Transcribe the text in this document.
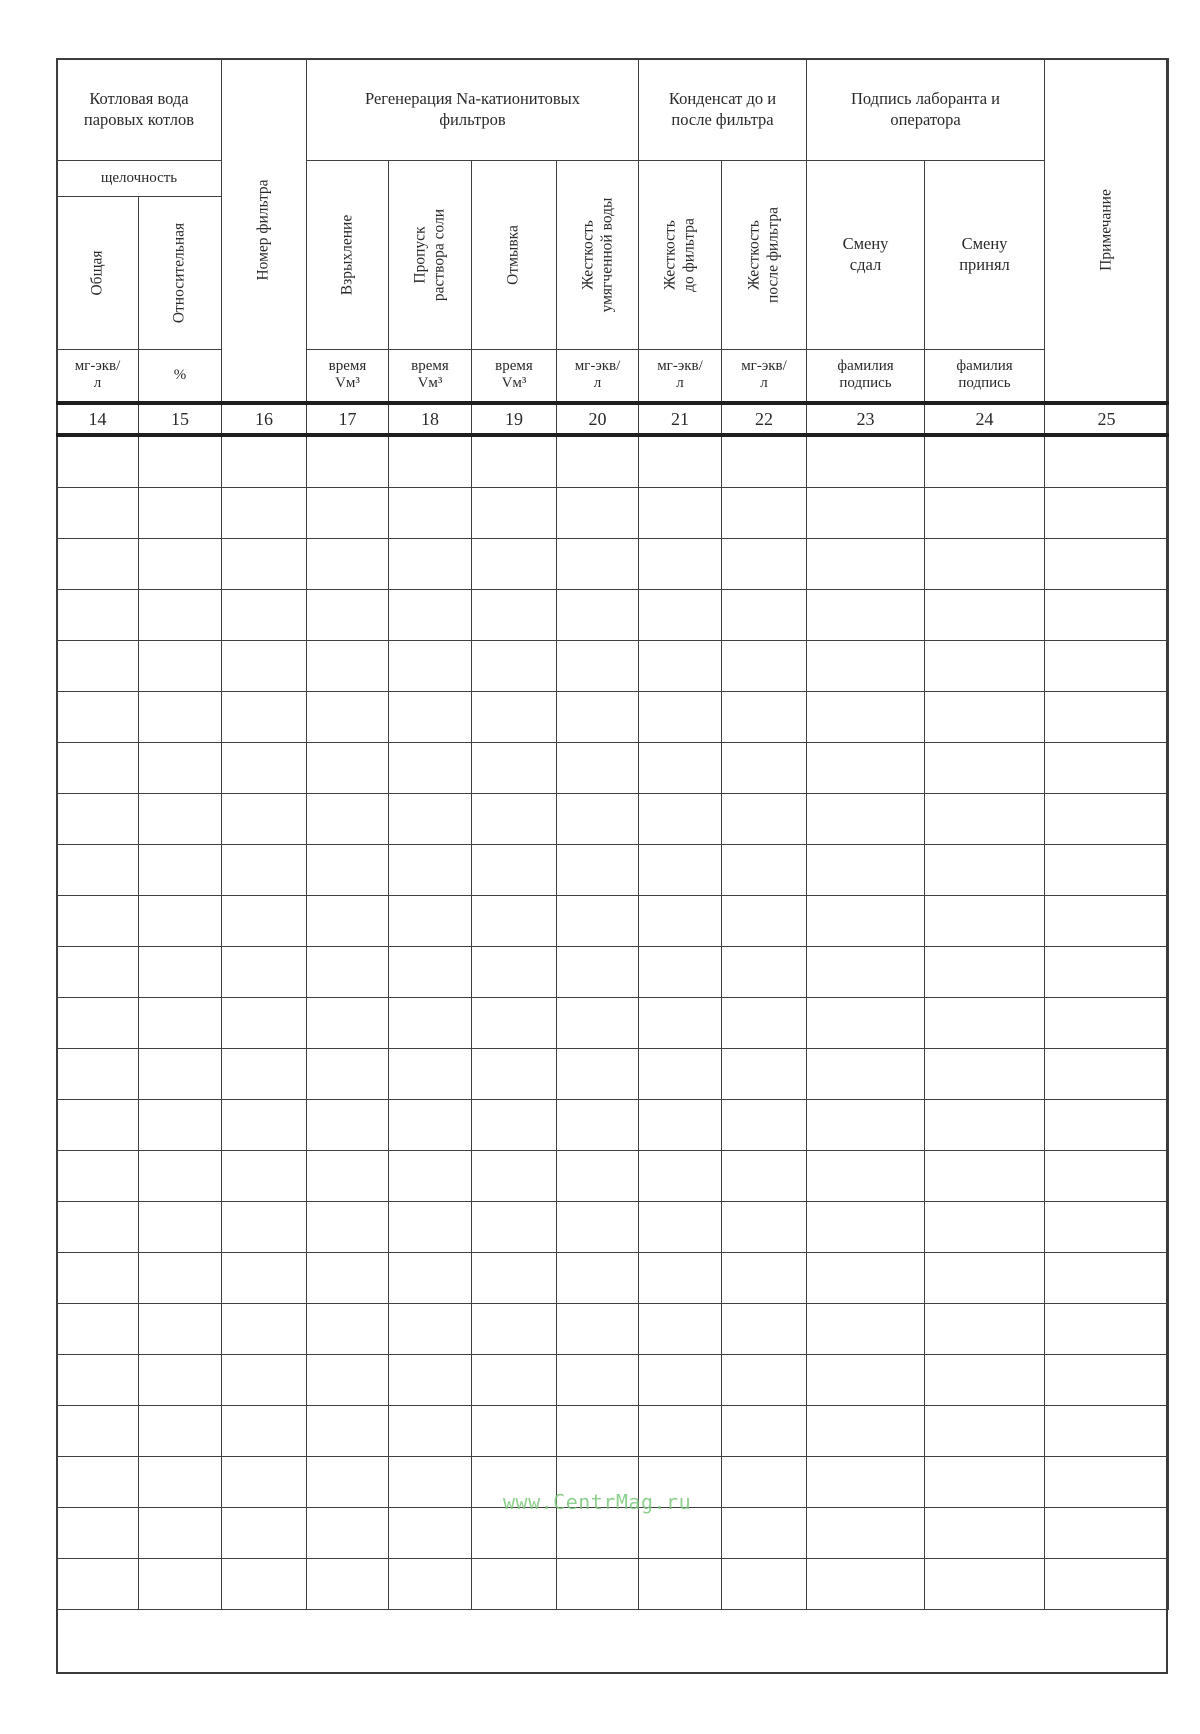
Котловая вода паровых котлов		Номер фильтра	Регенерация Na-катионитовых фильтров				Конденсат до и после фильтра		Подпись лаборанта и оператора		Примечание

щелочность			Взрыхление	Пропуск раствора соли	Отмывка	Жесткость умягченной воды	Жесткость до фильтра	Жесткость после фильтра	Смену сдал	Смену принял	

Общая	Относительная										

мг-экв/л	%		время Vм³	время Vм³	время Vм³	мг-экв/л	мг-экв/л	мг-экв/л	фамилия подпись	фамилия подпись	
14	15	16	17	18	19	20	21	22	23	24	25

www.CentrMag.ru
